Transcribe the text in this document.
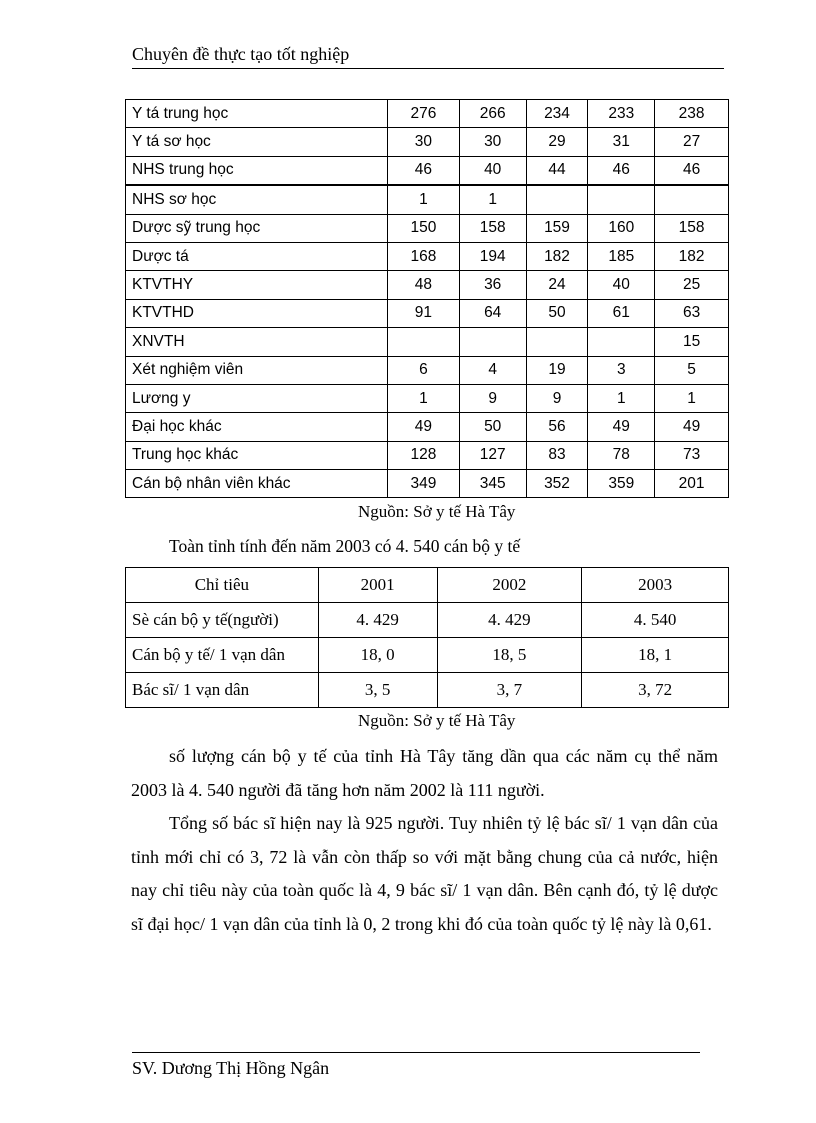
Chuyên đề thực tạo tốt nghiệp
Y tá trung học	276	266	234	233	238
Y tá sơ học	30	30	29	31	27
NHS trung học	46	40	44	46	46
NHS sơ học	1	1			
Dược sỹ trung học	150	158	159	160	158
Dược tá	168	194	182	185	182
KTVTHY	48	36	24	40	25
KTVTHD	91	64	50	61	63
XNVTH					15
Xét nghiệm viên	6	4	19	3	5
Lương y	1	9	9	1	1
Đại học khác	49	50	56	49	49
Trung học khác	128	127	83	78	73
Cán bộ nhân viên khác	349	345	352	359	201
Nguồn: Sở y tế Hà Tây
Toàn tỉnh tính đến năm 2003 có 4. 540 cán bộ y tế
Chỉ tiêu	2001	2002	2003
Sè cán bộ y tế(người)	4. 429	4. 429	4. 540
Cán bộ y tế/ 1 vạn dân	18, 0	18, 5	18, 1
Bác sĩ/ 1 vạn dân	3, 5	3, 7	3, 72
Nguồn: Sở y tế Hà Tây

số lượng cán bộ y tế của tỉnh Hà Tây tăng dần qua các năm cụ thể năm 2003 là 4. 540 người đã tăng hơn năm 2002 là 111 người.

Tổng số bác sĩ hiện nay là 925 người. Tuy nhiên tỷ lệ bác sĩ/ 1 vạn dân của tỉnh mới chỉ có 3, 72 là vẫn còn thấp so với mặt bằng chung của cả nước, hiện nay chỉ tiêu này của toàn quốc là 4, 9 bác sĩ/ 1 vạn dân. Bên cạnh đó, tỷ lệ dược sĩ đại học/ 1 vạn dân của tỉnh là 0, 2 trong khi đó của toàn quốc tỷ lệ này là 0,61.

SV. Dương Thị Hồng Ngân
